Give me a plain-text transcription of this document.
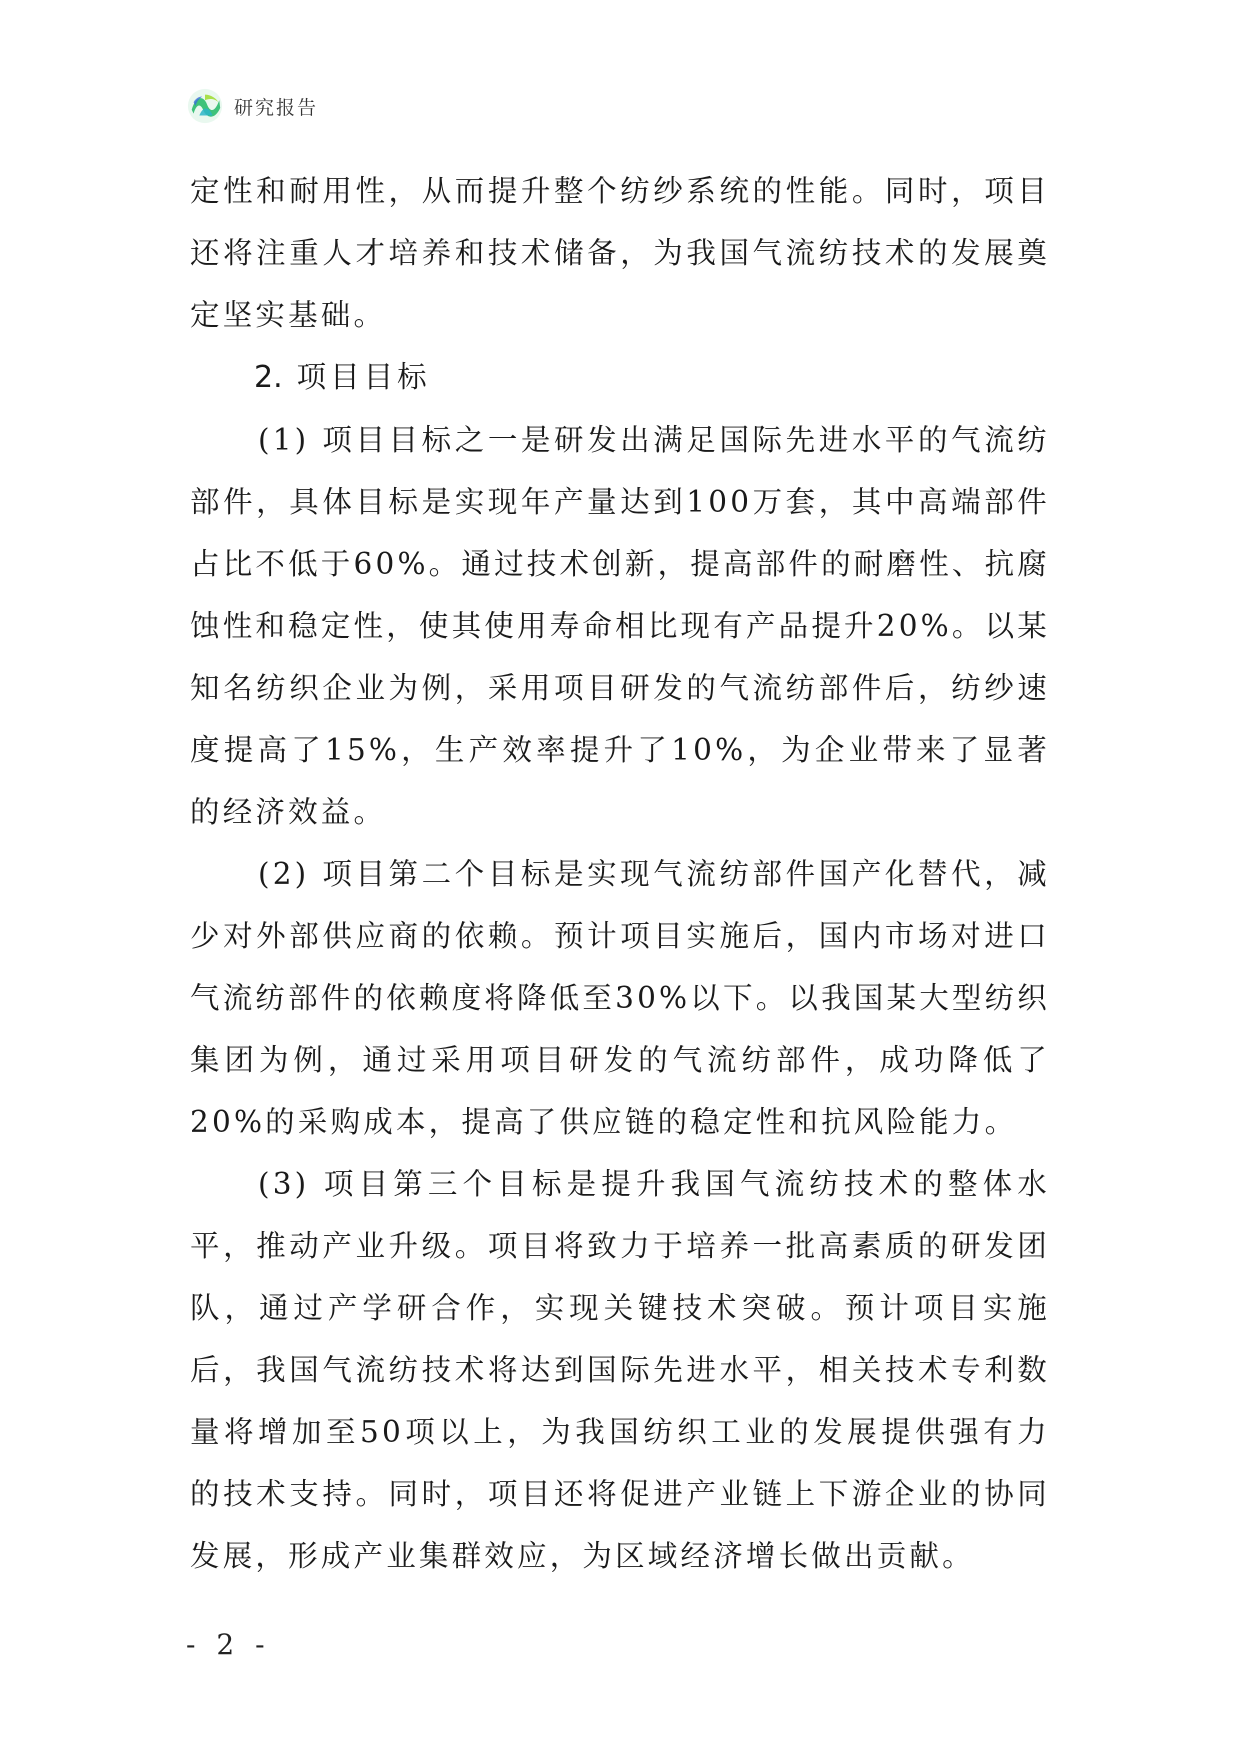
研究报告

定性和耐用性，从而提升整个纺纱系统的性能。同时，项目还将注重人才培养和技术储备，为我国气流纺技术的发展奠定坚实基础。

2. 项目目标

(1) 项目目标之一是研发出满足国际先进水平的气流纺部件，具体目标是实现年产量达到100万套，其中高端部件占比不低于60%。通过技术创新，提高部件的耐磨性、抗腐蚀性和稳定性，使其使用寿命相比现有产品提升20%。以某知名纺织企业为例，采用项目研发的气流纺部件后，纺纱速度提高了15%，生产效率提升了10%，为企业带来了显著的经济效益。

(2) 项目第二个目标是实现气流纺部件国产化替代，减少对外部供应商的依赖。预计项目实施后，国内市场对进口气流纺部件的依赖度将降低至30%以下。以我国某大型纺织集团为例，通过采用项目研发的气流纺部件，成功降低了20%的采购成本，提高了供应链的稳定性和抗风险能力。

(3) 项目第三个目标是提升我国气流纺技术的整体水平，推动产业升级。项目将致力于培养一批高素质的研发团队，通过产学研合作，实现关键技术突破。预计项目实施后，我国气流纺技术将达到国际先进水平，相关技术专利数量将增加至50项以上，为我国纺织工业的发展提供强有力的技术支持。同时，项目还将促进产业链上下游企业的协同发展，形成产业集群效应，为区域经济增长做出贡献。

- 2 -
